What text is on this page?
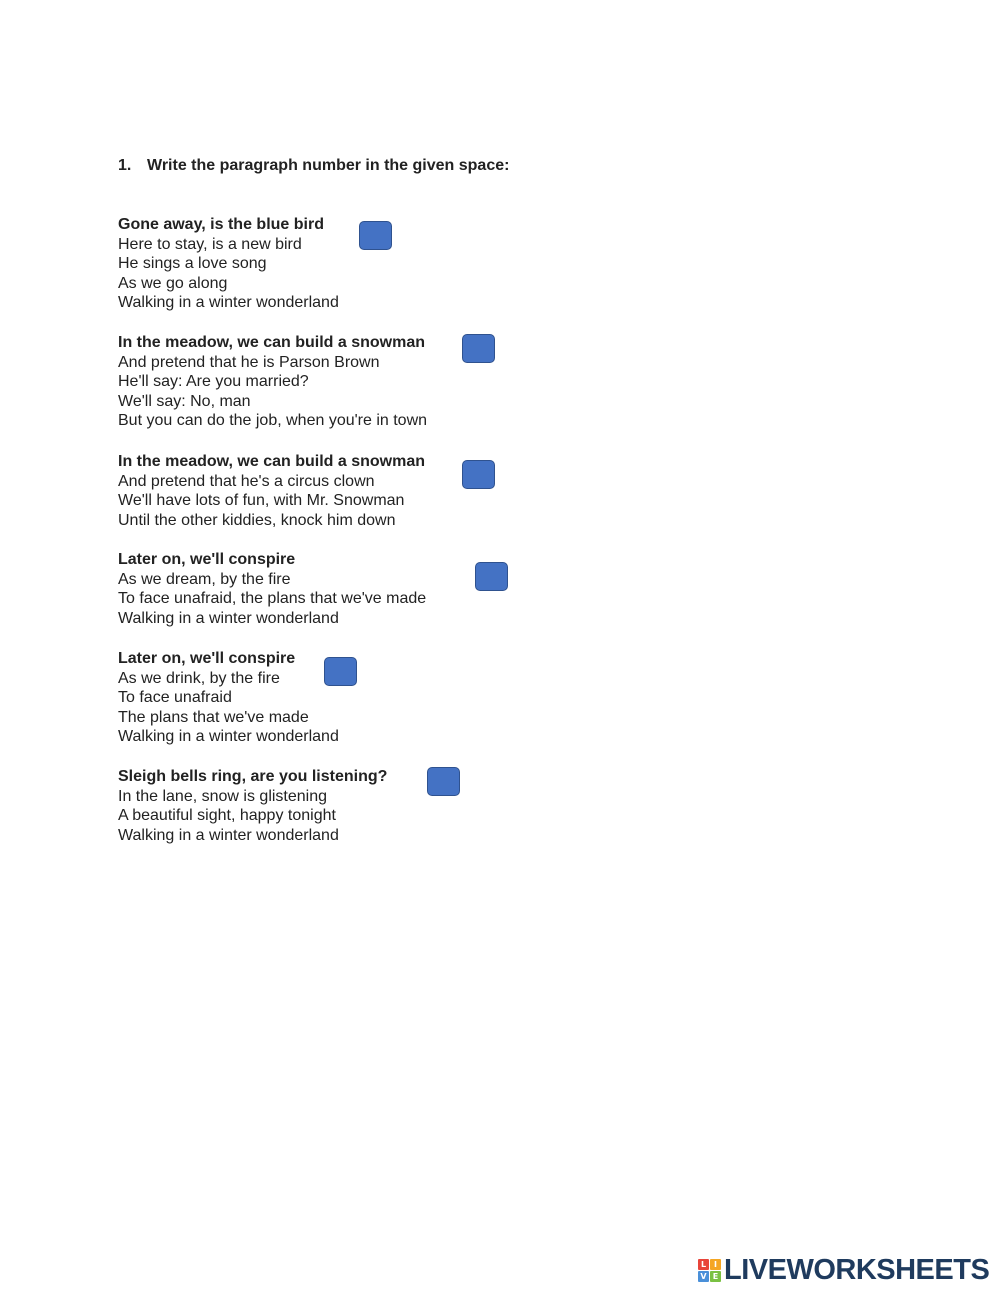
1. Write the paragraph number in the given space:
Gone away, is the blue bird
Here to stay, is a new bird
He sings a love song
As we go along
Walking in a winter wonderland
In the meadow, we can build a snowman
And pretend that he is Parson Brown
He'll say: Are you married?
We'll say: No, man
But you can do the job, when you're in town
In the meadow, we can build a snowman
And pretend that he's a circus clown
We'll have lots of fun, with Mr. Snowman
Until the other kiddies, knock him down
Later on, we'll conspire
As we dream, by the fire
To face unafraid, the plans that we've made
Walking in a winter wonderland
Later on, we'll conspire
As we drink, by the fire
To face unafraid
The plans that we've made
Walking in a winter wonderland
Sleigh bells ring, are you listening?
In the lane, snow is glistening
A beautiful sight, happy tonight
Walking in a winter wonderland
L I
V E LIVEWORKSHEETS
